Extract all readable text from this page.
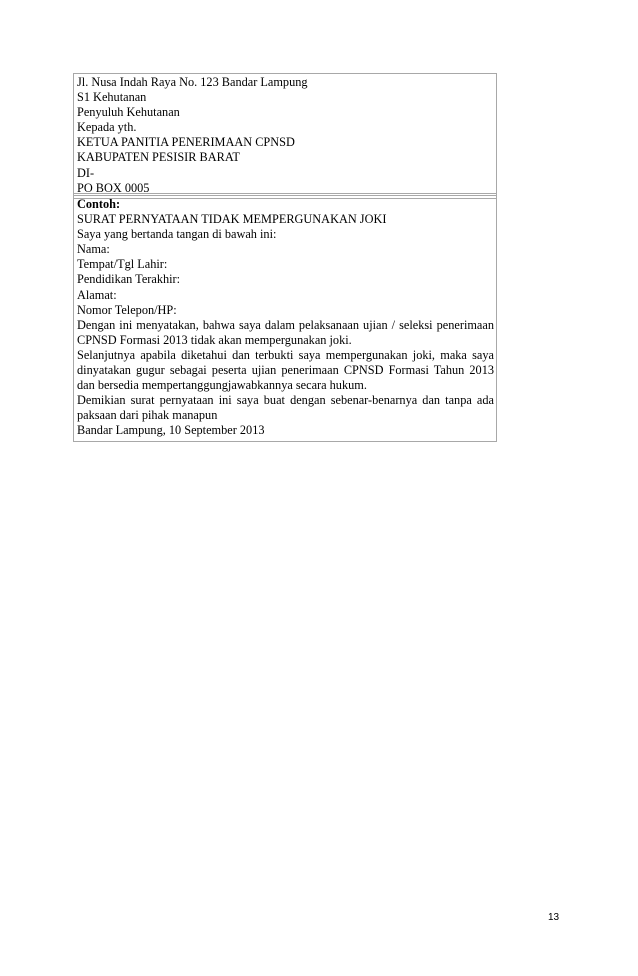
Jl. Nusa Indah Raya No. 123 Bandar Lampung
S1 Kehutanan
Penyuluh Kehutanan
Kepada yth.
KETUA PANITIA PENERIMAAN CPNSD
KABUPATEN PESISIR BARAT
DI-
PO BOX 0005
Contoh:
SURAT PERNYATAAN TIDAK MEMPERGUNAKAN JOKI
Saya yang bertanda tangan di bawah ini:
Nama:
Tempat/Tgl Lahir:
Pendidikan Terakhir:
Alamat:
Nomor Telepon/HP:
Dengan ini menyatakan, bahwa saya dalam pelaksanaan ujian / seleksi penerimaan
CPNSD Formasi 2013 tidak akan mempergunakan joki.
Selanjutnya apabila diketahui dan terbukti saya mempergunakan joki, maka saya
dinyatakan gugur sebagai peserta ujian penerimaan CPNSD Formasi Tahun 2013
dan bersedia mempertanggungjawabkannya secara hukum.
Demikian surat pernyataan ini saya buat dengan sebenar-benarnya dan tanpa ada
paksaan dari pihak manapun
Bandar Lampung, 10 September 2013
13
